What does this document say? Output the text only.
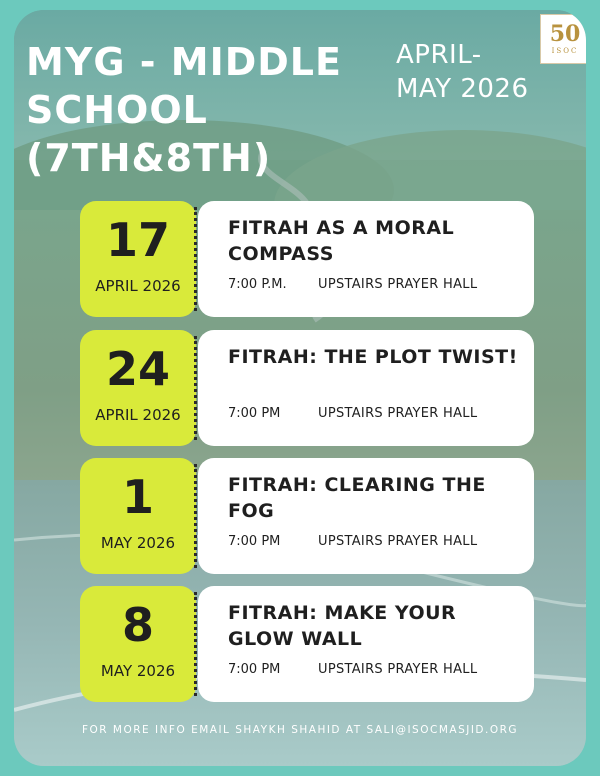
MYG - MIDDLE SCHOOL (7TH&8TH)
APRIL-MAY 2026
50
ISOC
17
APRIL 2026
FITRAH AS A MORAL COMPASS
7:00 P.M. UPSTAIRS PRAYER HALL
24
APRIL 2026
FITRAH: THE PLOT TWIST!
7:00 PM	UPSTAIRS PRAYER HALL
1
MAY 2026
FITRAH: CLEARING THE FOG
7:00 PM	UPSTAIRS PRAYER HALL
8
MAY 2026
FITRAH: MAKE YOUR GLOW WALL
7:00 PM	UPSTAIRS PRAYER HALL
FOR MORE INFO EMAIL SHAYKH SHAHID AT SALI@ISOCMASJID.ORG
